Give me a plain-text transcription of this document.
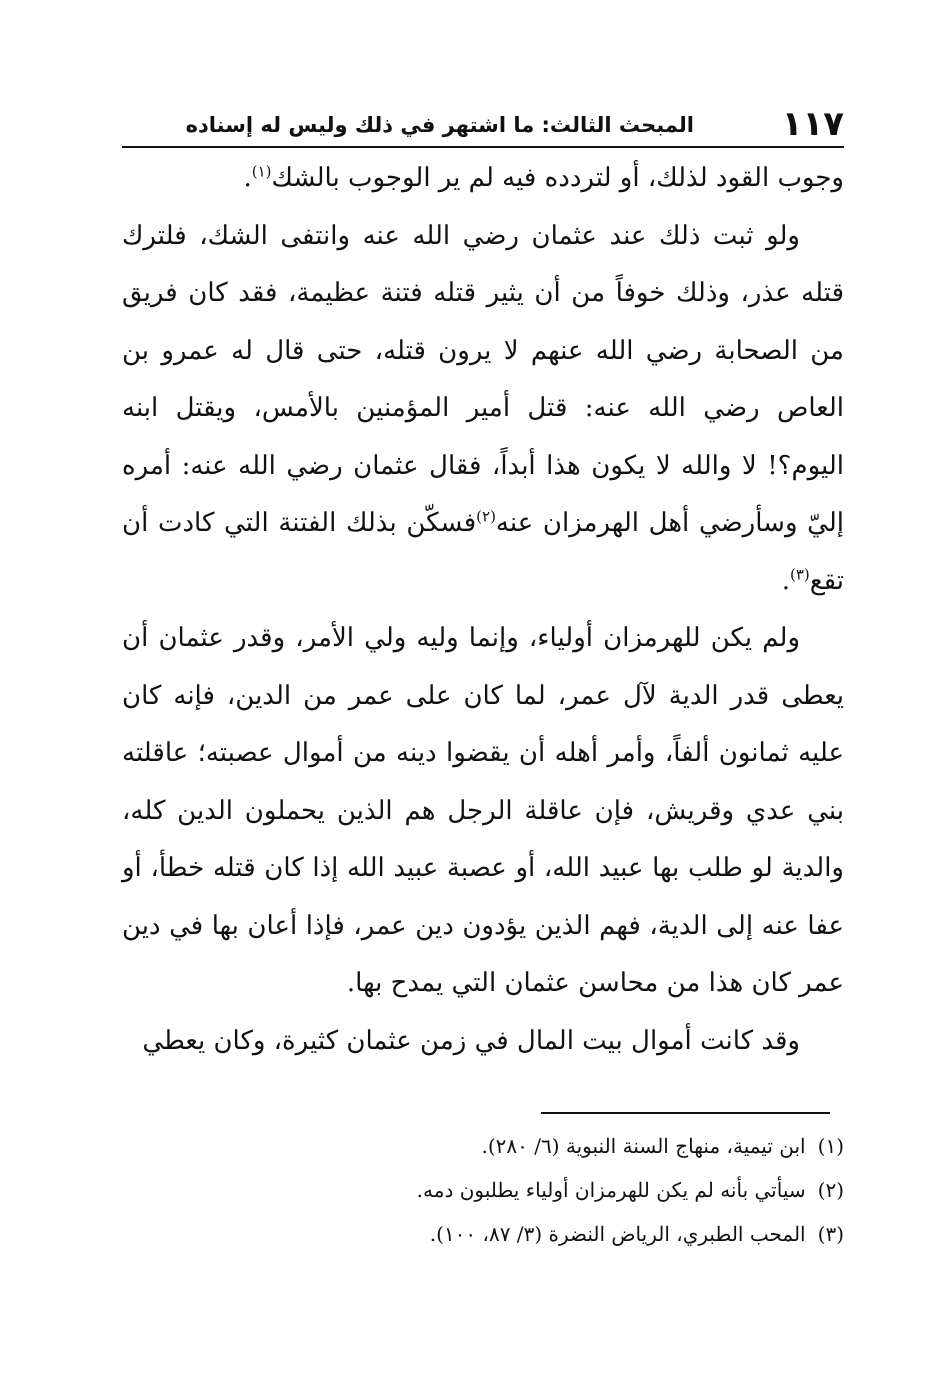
١١٧
المبحث الثالث: ما اشتهر في ذلك وليس له إسناده

وجوب القود لذلك، أو لتردده فيه لم ير الوجوب بالشك$^{(١)}$.

ولو ثبت ذلك عند عثمان رضي الله عنه وانتفى الشك، فلترك قتله عذر، وذلك خوفاً من أن يثير قتله فتنة عظيمة، فقد كان فريق من الصحابة رضي الله عنهم لا يرون قتله، حتى قال له عمرو بن العاص رضي الله عنه: قتل أمير المؤمنين بالأمس، ويقتل ابنه اليوم؟! لا والله لا يكون هذا أبداً، فقال عثمان رضي الله عنه: أمره إليّ وسأرضي أهل الهرمزان عنه$^{(٢)}$فسكّن بذلك الفتنة التي كادت أن تقع$^{(٣)}$.

ولم يكن للهرمزان أولياء، وإنما وليه ولي الأمر، وقدر عثمان أن يعطى قدر الدية لآل عمر، لما كان على عمر من الدين، فإنه كان عليه ثمانون ألفاً، وأمر أهله أن يقضوا دينه من أموال عصبته؛ عاقلته بني عدي وقريش، فإن عاقلة الرجل هم الذين يحملون الدين كله، والدية لو طلب بها عبيد الله، أو عصبة عبيد الله إذا كان قتله خطأ، أو عفا عنه إلى الدية، فهم الذين يؤدون دين عمر، فإذا أعان بها في دين عمر كان هذا من محاسن عثمان التي يمدح بها.

وقد كانت أموال بيت المال في زمن عثمان كثيرة، وكان يعطي

(١)ابن تيمية، منهاج السنة النبوية (٦/ ٢٨٠).
(٢)سيأتي بأنه لم يكن للهرمزان أولياء يطلبون دمه.
(٣)المحب الطبري، الرياض النضرة (٣/ ٨٧، ١٠٠).
